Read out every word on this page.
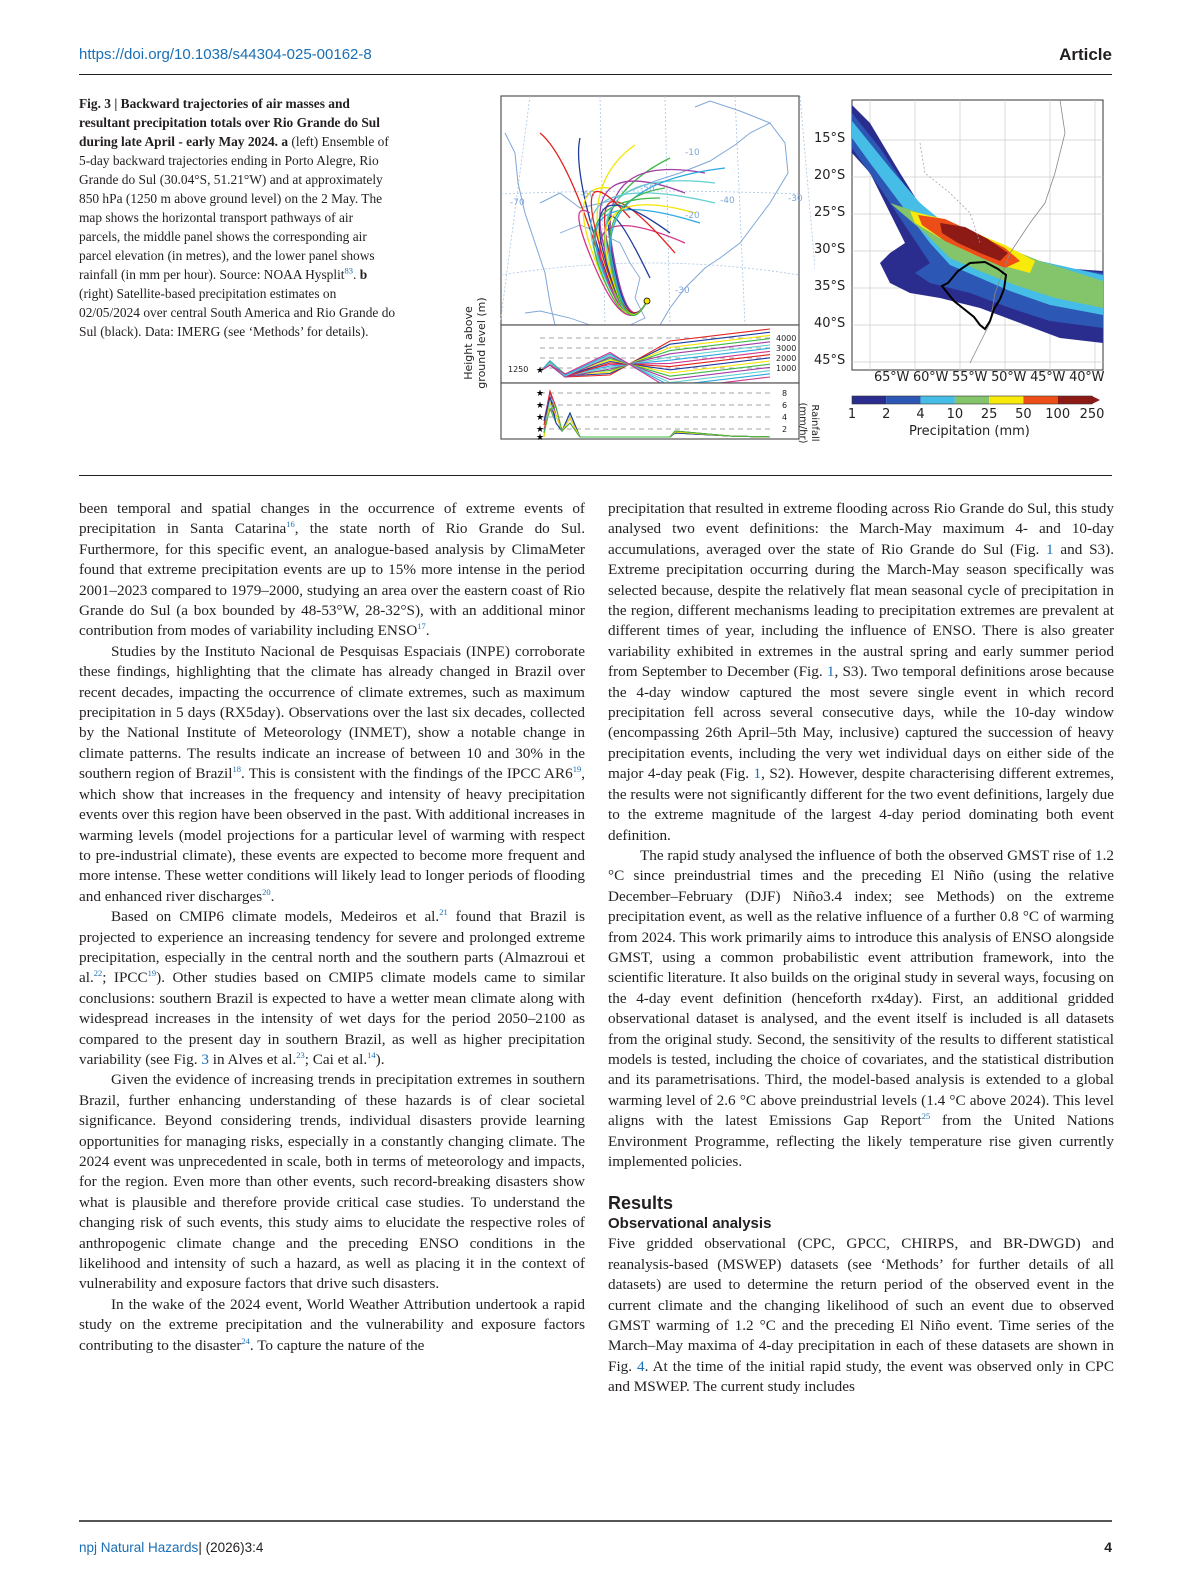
https://doi.org/10.1038/s44304-025-00162-8	Article
Fig. 3 | Backward trajectories of air masses and resultant precipitation totals over Rio Grande do Sul during late April - early May 2024. a (left) Ensemble of 5-day backward trajectories ending in Porto Alegre, Rio Grande do Sul (30.04°S, 51.21°W) and at approximately 850 hPa (1250 m above ground level) on the 2 May. The map shows the horizontal transport pathways of air parcels, the middle panel shows the corresponding air parcel elevation (in metres), and the lower panel shows rainfall (in mm per hour). Source: NOAA Hysplit$^{83}$. b (right) Satellite-based precipitation estimates on 02/05/2024 over central South America and Rio Grande do Sul (black). Data: IMERG (see ‘Methods’ for details).
-10
-20
-30
-70
-60
-50
-40	-30
★
4000
3000
2000
1000
1250
★
★
★
★
★
8
6
4
2
Height above
ground level (m)
Rainfall
(mm/hr)
15°S
20°S
25°S
30°S
35°S
40°S
45°S
65°W 60°W 55°W 50°W 45°W 40°W
1 2 4 10 25 50 100 250
Precipitation (mm)

been temporal and spatial changes in the occurrence of extreme events of precipitation in Santa Catarina$^{16}$, the state north of Rio Grande do Sul. Furthermore, for this specific event, an analogue-based analysis by ClimaMeter found that extreme precipitation events are up to 15% more intense in the period 2001–2023 compared to 1979–2000, studying an area over the eastern coast of Rio Grande do Sul (a box bounded by 48-53°W, 28-32°S), with an additional minor contribution from modes of variability including ENSO$^{17}$.

Studies by the Instituto Nacional de Pesquisas Espaciais (INPE) corroborate these findings, highlighting that the climate has already changed in Brazil over recent decades, impacting the occurrence of climate extremes, such as maximum precipitation in 5 days (RX5day). Observations over the last six decades, collected by the National Institute of Meteorology (INMET), show a notable change in climate patterns. The results indicate an increase of between 10 and 30% in the southern region of Brazil$^{18}$. This is consistent with the findings of the IPCC AR6$^{19}$, which show that increases in the frequency and intensity of heavy precipitation events over this region have been observed in the past. With additional increases in warming levels (model projections for a particular level of warming with respect to pre-industrial climate), these events are expected to become more frequent and more intense. These wetter conditions will likely lead to longer periods of flooding and enhanced river discharges$^{20}$.

Based on CMIP6 climate models, Medeiros et al.$^{21}$ found that Brazil is projected to experience an increasing tendency for severe and prolonged extreme precipitation, especially in the central north and the southern parts (Almazroui et al.$^{22}$; IPCC$^{19}$). Other studies based on CMIP5 climate models came to similar conclusions: southern Brazil is expected to have a wetter mean climate along with widespread increases in the intensity of wet days for the period 2050–2100 as compared to the present day in southern Brazil, as well as higher precipitation variability (see Fig. 3 in Alves et al.$^{23}$; Cai et al.$^{14}$).

Given the evidence of increasing trends in precipitation extremes in southern Brazil, further enhancing understanding of these hazards is of clear societal significance. Beyond considering trends, individual disasters provide learning opportunities for managing risks, especially in a constantly changing climate. The 2024 event was unprecedented in scale, both in terms of meteorology and impacts, for the region. Even more than other events, such record-breaking disasters show what is plausible and therefore provide critical case studies. To understand the changing risk of such events, this study aims to elucidate the respective roles of anthropogenic climate change and the preceding ENSO conditions in the likelihood and intensity of such a hazard, as well as placing it in the context of vulnerability and exposure factors that drive such disasters.

In the wake of the 2024 event, World Weather Attribution undertook a rapid study on the extreme precipitation and the vulnerability and exposure factors contributing to the disaster$^{24}$. To capture the nature of the

precipitation that resulted in extreme flooding across Rio Grande do Sul, this study analysed two event definitions: the March-May maximum 4- and 10-day accumulations, averaged over the state of Rio Grande do Sul (Fig. 1 and S3). Extreme precipitation occurring during the March-May season specifically was selected because, despite the relatively flat mean seasonal cycle of precipitation in the region, different mechanisms leading to precipitation extremes are prevalent at different times of year, including the influence of ENSO. There is also greater variability exhibited in extremes in the austral spring and early summer period from September to December (Fig. 1, S3). Two temporal definitions arose because the 4-day window captured the most severe single event in which record precipitation fell across several consecutive days, while the 10-day window (encompassing 26th April–5th May, inclusive) captured the succession of heavy precipitation events, including the very wet individual days on either side of the major 4-day peak (Fig. 1, S2). However, despite characterising different extremes, the results were not significantly different for the two event definitions, largely due to the extreme magnitude of the largest 4-day period dominating both event definition.

The rapid study analysed the influence of both the observed GMST rise of 1.2 °C since preindustrial times and the preceding El Niño (using the relative December–February (DJF) Niño3.4 index; see Methods) on the extreme precipitation event, as well as the relative influence of a further 0.8 °C of warming from 2024. This work primarily aims to introduce this analysis of ENSO alongside GMST, using a common probabilistic event attribution framework, into the scientific literature. It also builds on the original study in several ways, focusing on the 4-day event definition (henceforth rx4day). First, an additional gridded observational dataset is analysed, and the event itself is included is all datasets from the original study. Second, the sensitivity of the results to different statistical models is tested, including the choice of covariates, and the statistical distribution and its parametrisations. Third, the model-based analysis is extended to a global warming level of 2.6 °C above preindustrial levels (1.4 °C above 2024). This level aligns with the latest Emissions Gap Report$^{25}$ from the United Nations Environment Programme, reflecting the likely temperature rise given currently implemented policies.

Results

Observational analysis

Five gridded observational (CPC, GPCC, CHIRPS, and BR-DWGD) and reanalysis-based (MSWEP) datasets (see ‘Methods’ for further details of all datasets) are used to determine the return period of the observed event in the current climate and the changing likelihood of such an event due to observed GMST warming of 1.2 °C and the preceding El Niño event. Time series of the March–May maxima of 4-day precipitation in each of these datasets are shown in Fig. 4. At the time of the initial rapid study, the event was observed only in CPC and MSWEP. The current study includes

npj Natural Hazards| (2026)3:4	4
